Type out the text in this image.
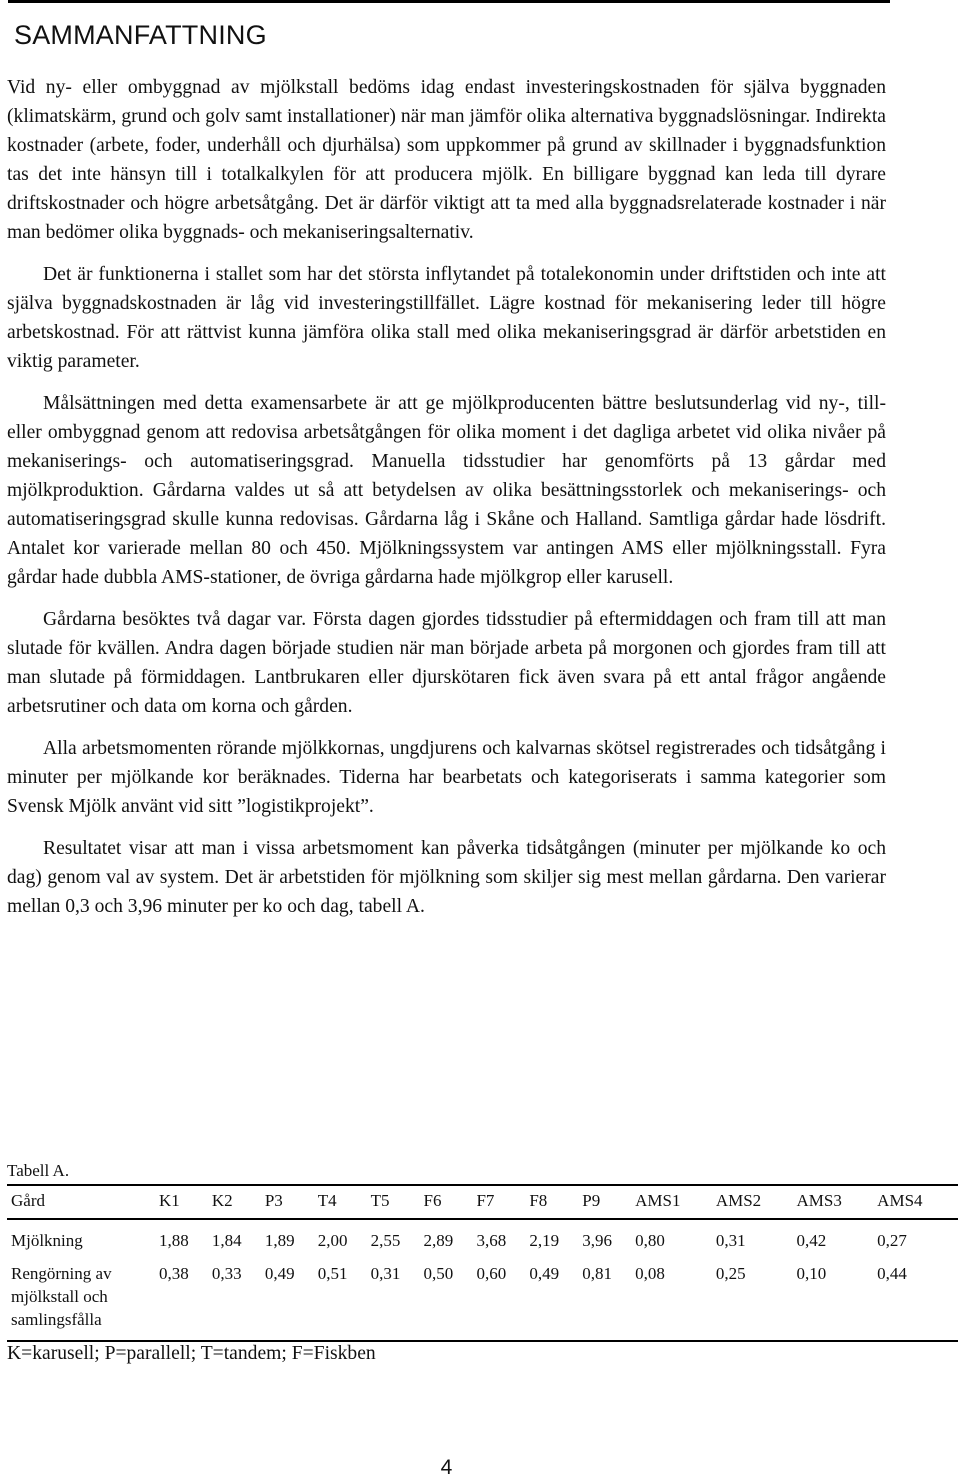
SAMMANFATTNING

Vid ny- eller ombyggnad av mjölkstall bedöms idag endast investeringskostnaden för själva byggnaden (klimatskärm, grund och golv samt installationer) när man jämför olika alternativa byggnadslösningar. Indirekta kostnader (arbete, foder, underhåll och djurhälsa) som uppkommer på grund av skillnader i byggnadsfunktion tas det inte hänsyn till i totalkalkylen för att producera mjölk. En billigare byggnad kan leda till dyrare driftskostnader och högre arbetsåtgång. Det är därför viktigt att ta med alla byggnadsrelaterade kostnader i när man bedömer olika byggnads- och mekaniseringsalternativ.

Det är funktionerna i stallet som har det största inflytandet på totalekonomin under driftstiden och inte att själva byggnadskostnaden är låg vid investeringstillfället. Lägre kostnad för mekanisering leder till högre arbetskostnad. För att rättvist kunna jämföra olika stall med olika mekaniseringsgrad är därför arbetstiden en viktig parameter.

Målsättningen med detta examensarbete är att ge mjölkproducenten bättre beslutsunderlag vid ny-, till- eller ombyggnad genom att redovisa arbetsåtgången för olika moment i det dagliga arbetet vid olika nivåer på mekaniserings- och automatiseringsgrad. Manuella tidsstudier har genomförts på 13 gårdar med mjölkproduktion. Gårdarna valdes ut så att betydelsen av olika besättningsstorlek och mekaniserings- och automatiseringsgrad skulle kunna redovisas. Gårdarna låg i Skåne och Halland. Samtliga gårdar hade lösdrift. Antalet kor varierade mellan 80 och 450. Mjölkningssystem var antingen AMS eller mjölkningsstall. Fyra gårdar hade dubbla AMS-stationer, de övriga gårdarna hade mjölkgrop eller karusell.

Gårdarna besöktes två dagar var. Första dagen gjordes tidsstudier på eftermiddagen och fram till att man slutade för kvällen. Andra dagen började studien när man började arbeta på morgonen och gjordes fram till att man slutade på förmiddagen. Lantbrukaren eller djurskötaren fick även svara på ett antal frågor angående arbetsrutiner och data om korna och gården.

Alla arbetsmomenten rörande mjölkkornas, ungdjurens och kalvarnas skötsel registrerades och tidsåtgång i minuter per mjölkande kor beräknades. Tiderna har bearbetats och kategoriserats i samma kategorier som Svensk Mjölk använt vid sitt ”logistikprojekt”.

Resultatet visar att man i vissa arbetsmoment kan påverka tidsåtgången (minuter per mjölkande ko och dag) genom val av system. Det är arbetstiden för mjölkning som skiljer sig mest mellan gårdarna. Den varierar mellan 0,3 och 3,96 minuter per ko och dag, tabell A.

Tabell A.
Gård	K1	K2	P3	T4	T5	F6	F7	F8	P9	AMS1	AMS2	AMS3	AMS4
Mjölkning	1,88	1,84	1,89	2,00	2,55	2,89	3,68	2,19	3,96	0,80	0,31	0,42	0,27
Rengörning av mjölkstall och samlingsfålla	0,38	0,33	0,49	0,51	0,31	0,50	0,60	0,49	0,81	0,08	0,25	0,10	0,44
K=karusell; P=parallell; T=tandem; F=Fiskben
4
